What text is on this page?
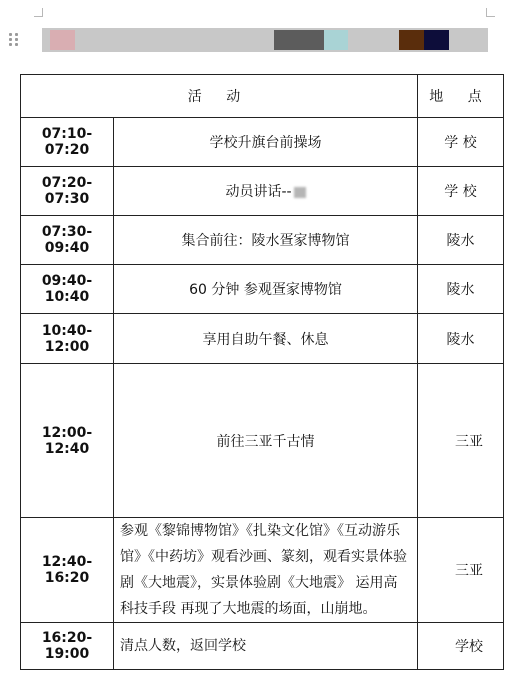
活 动		地 点
07:10-07:20	学校升旗台前操场	学 校
07:20-07:30	动员讲话--	学 校
07:30-09:40	集合前往：陵水疍家博物馆	陵水
09:40-10:40	60 分钟 参观疍家博物馆	陵水
10:40-12:00	享用自助午餐、休息	陵水
12:00-12:40	前往三亚千古情	三亚
12:40-16:20	参观《黎锦博物馆》《扎染文化馆》《互动游乐馆》《中药坊》观看沙画、篆刻，观看实景体验剧《大地震》，实景体验剧《大地震》 运用高科技手段 再现了大地震的场面，山崩地。	三亚
16:20-19:00	清点人数，返回学校	学校
